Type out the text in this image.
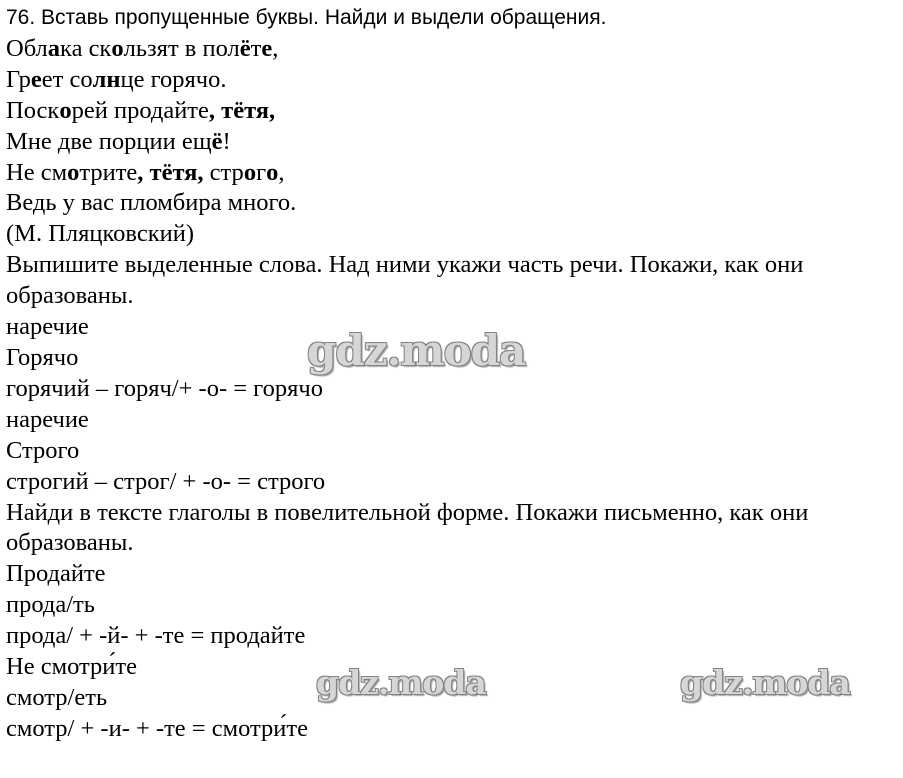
76. Вставь пропущенные буквы. Найди и выдели обращения.

Облака скользят в полёте,

Греет солнце горячо.

Поскорей продайте, тётя,

Мне две порции ещё!

Не смотрите, тётя, строго,

Ведь у вас пломбира много.

(М. Пляцковский)

Выпишите выделенные слова. Над ними укажи часть речи. Покажи, как они образованы.

наречие

Горячо

горячий – горяч/+ -о- = горячо

наречие

Строго

строгий – строг/ + -о- = строго

Найди в тексте глаголы в повелительной форме. Покажи письменно, как они образованы.

Продайте

прода/ть

прода/ + -й- + -те = продайте

Не смотри́те

смотр/еть

смотр/ + -и- + -те = смотри́те

gdz.moda
gdz.moda	gdz.moda
